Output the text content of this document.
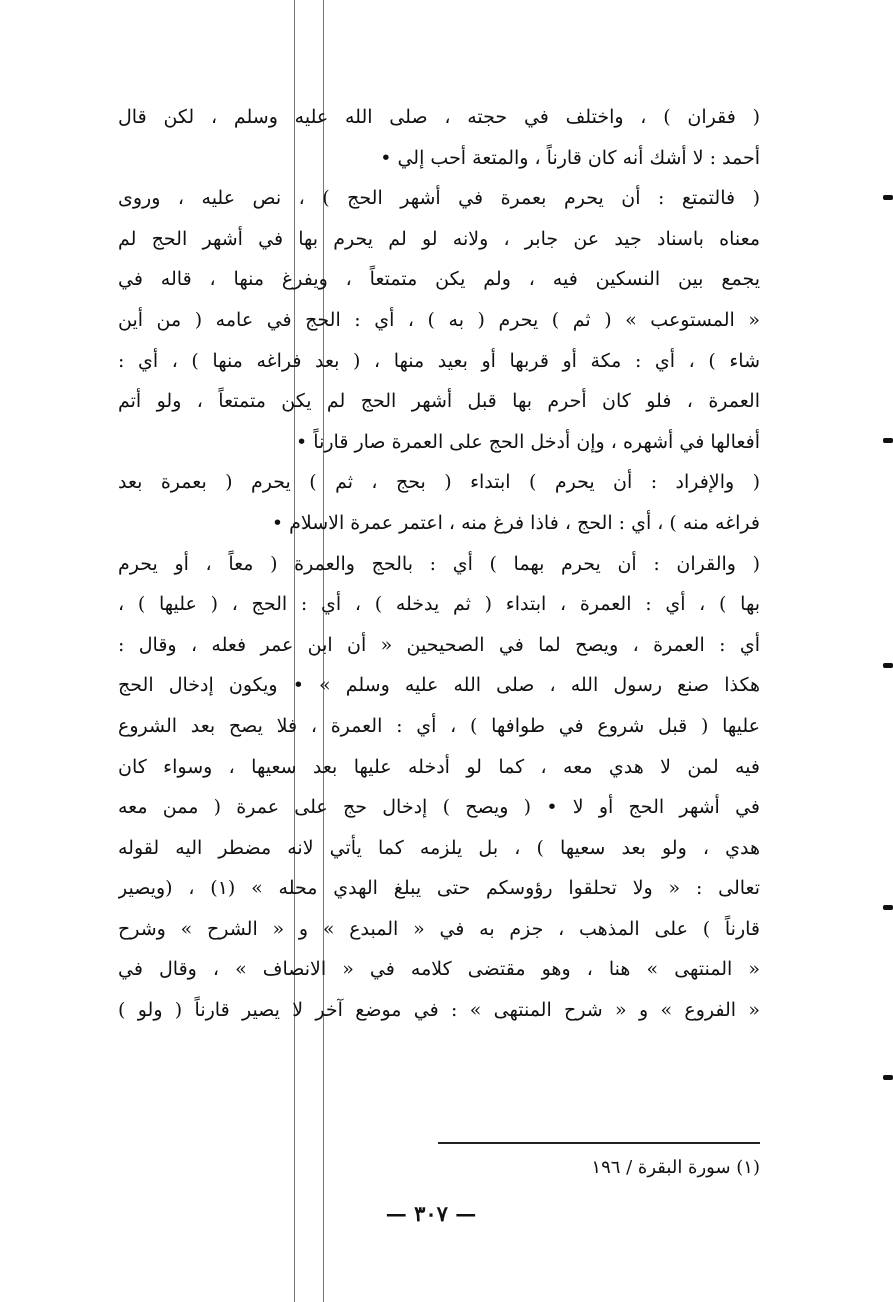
( فقران ) ، واختلف في حجته ، صلى الله عليه وسلم ، لكن قال
أحمد : لا أشك أنه كان قارناً ، والمتعة أحب إلي •
( فالتمتع : أن يحرم بعمرة في أشهر الحج ) ، نص عليه ، وروى
معناه باسناد جيد عن جابر ، ولانه لو لم يحرم بها في أشهر الحج لم
يجمع بين النسكين فيه ، ولم يكن متمتعاً ، ويفرغ منها ، قاله في
« المستوعب » ( ثم ) يحرم ( به ) ، أي : الحج في عامه ( من أين
شاء ) ، أي : مكة أو قربها أو بعيد منها ، ( بعد فراغه منها ) ، أي :
العمرة ، فلو كان أحرم بها قبل أشهر الحج لم يكن متمتعاً ، ولو أتم
أفعالها في أشهره ، وإن أدخل الحج على العمرة صار قارناً •
( والإفراد : أن يحرم ) ابتداء ( بحج ، ثم ) يحرم ( بعمرة بعد
فراغه منه ) ، أي : الحج ، فاذا فرغ منه ، اعتمر عمرة الاسلام •
( والقران : أن يحرم بهما ) أي : بالحج والعمرة ( معاً ، أو يحرم
بها ) ، أي : العمرة ، ابتداء ( ثم يدخله ) ، أي : الحج ، ( عليها ) ،
أي : العمرة ، ويصح لما في الصحيحين « أن ابن عمر فعله ، وقال :
هكذا صنع رسول الله ، صلى الله عليه وسلم » • ويكون إدخال الحج
عليها ( قبل شروع في طوافها ) ، أي : العمرة ، فلا يصح بعد الشروع
فيه لمن لا هدي معه ، كما لو أدخله عليها بعد سعيها ، وسواء كان
في أشهر الحج أو لا • ( ويصح ) إدخال حج على عمرة ( ممن معه
هدي ، ولو بعد سعيها ) ، بل يلزمه كما يأتي لانه مضطر اليه لقوله
تعالى : « ولا تحلقوا رؤوسكم حتى يبلغ الهدي محله » (١) ، (ويصير
قارناً ) على المذهب ، جزم به في « المبدع » و « الشرح » وشرح
« المنتهى » هنا ، وهو مقتضى كلامه في « الانصاف » ، وقال في
« الفروع » و « شرح المنتهى » : في موضع آخر لا يصير قارناً ( ولو )
(١) سورة البقرة / ١٩٦
— ٣٠٧ —
